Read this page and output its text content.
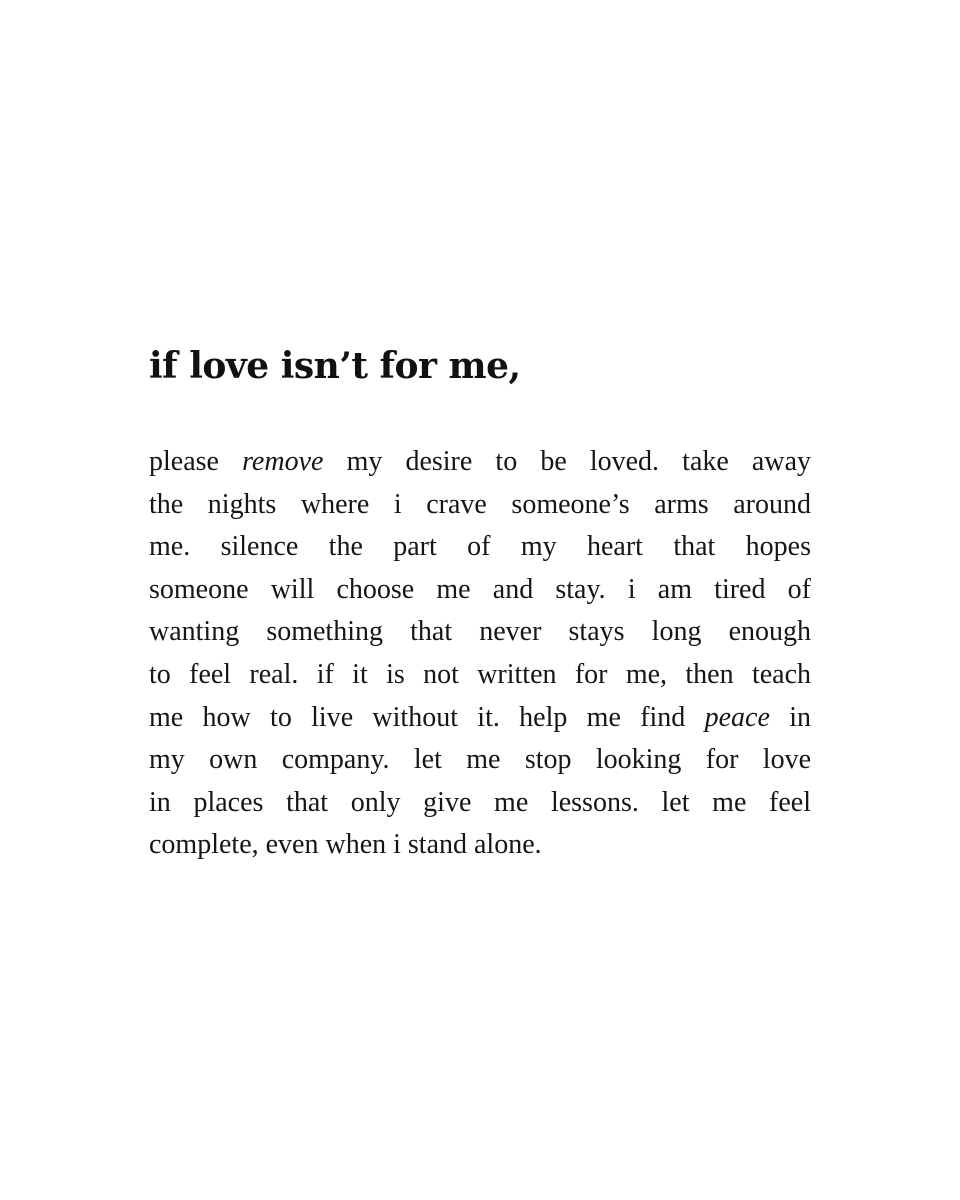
if love isn’t for me,
please remove my desire to be loved. take away
the nights where i crave someone’s arms around
me. silence the part of my heart that hopes
someone will choose me and stay. i am tired of
wanting something that never stays long enough
to feel real. if it is not written for me, then teach
me how to live without it. help me find peace in
my own company. let me stop looking for love
in places that only give me lessons. let me feel
complete, even when i stand alone.
